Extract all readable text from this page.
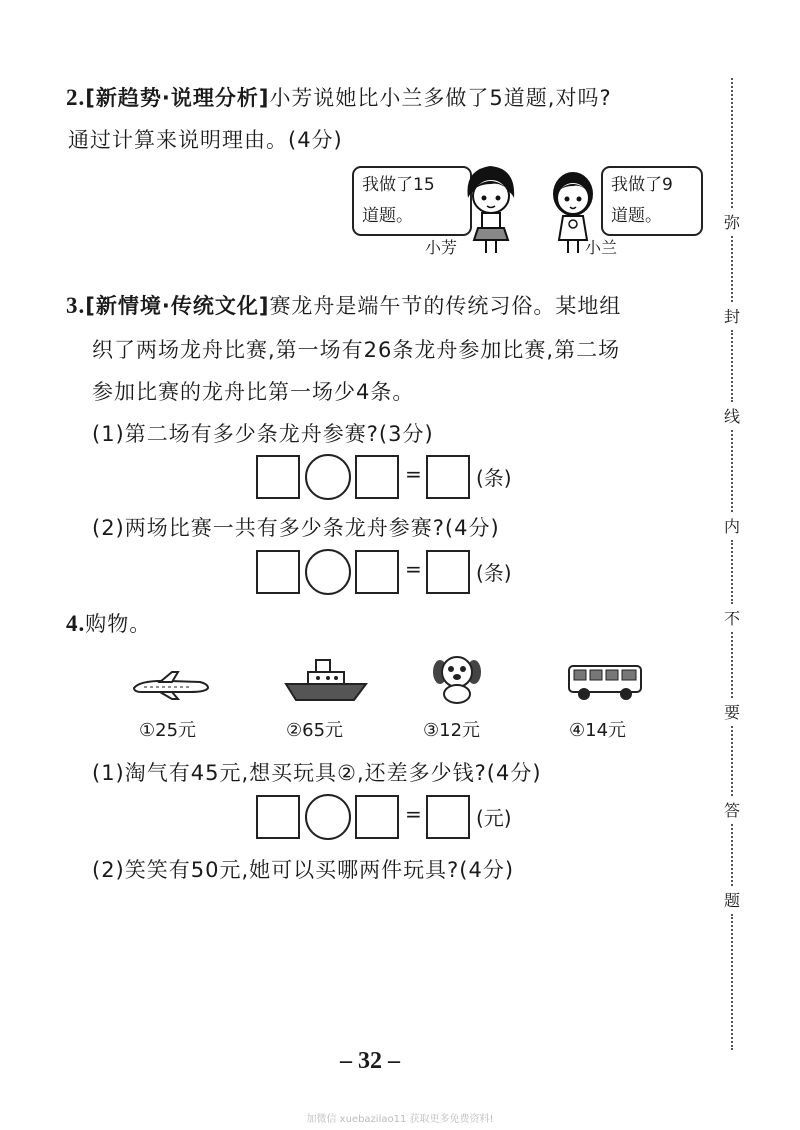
2.[新趋势·说理分析]小芳说她比小兰多做了5道题,对吗?
通过计算来说明理由。(4分)
我做了15
道题。
我做了9
道题。
小芳	小兰
3.[新情境·传统文化]赛龙舟是端午节的传统习俗。某地组
织了两场龙舟比赛,第一场有26条龙舟参加比赛,第二场
参加比赛的龙舟比第一场少4条。
(1)第二场有多少条龙舟参赛?(3分)
=	(条)
(2)两场比赛一共有多少条龙舟参赛?(4分)
=	(条)
4.购物。
①25元	②65元	③12元	④14元
(1)淘气有45元,想买玩具②,还差多少钱?(4分)
=	(元)
(2)笑笑有50元,她可以买哪两件玩具?(4分)
弥
封
线
内
不
要
答
题
– 32 –
加微信 xuebazilao11 获取更多免费资料!
